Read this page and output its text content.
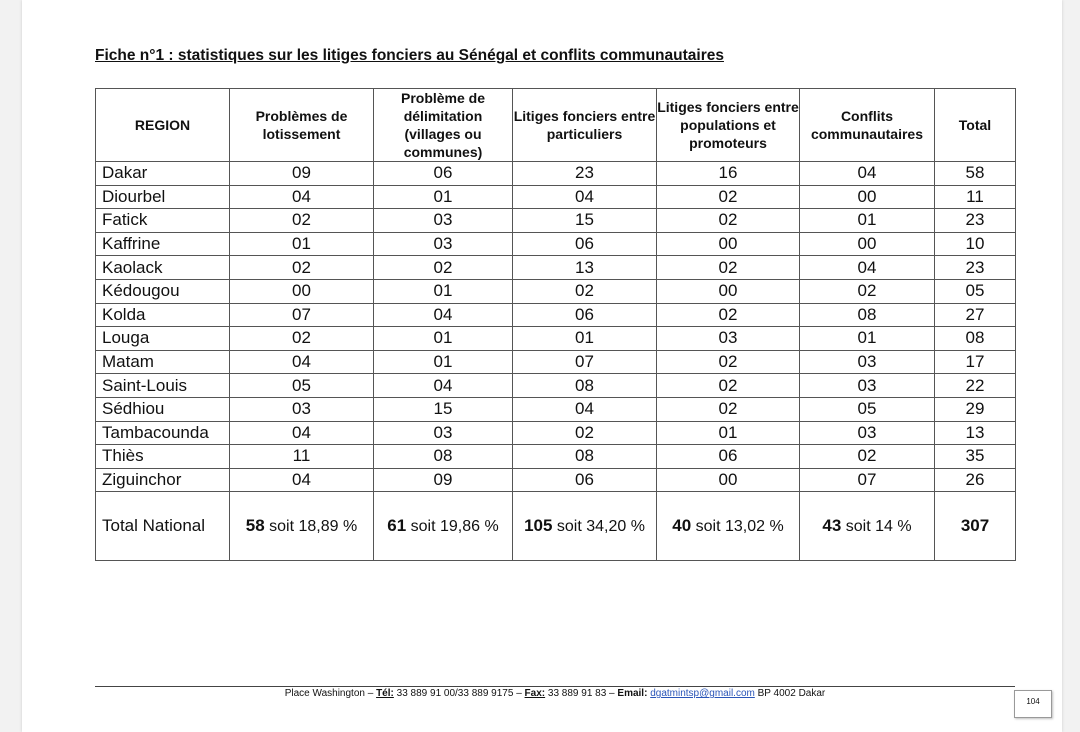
Fiche n°1 : statistiques sur les litiges fonciers au Sénégal et conflits communautaires
REGION	Problèmes de lotissement	Problème de délimitation (villages ou communes)	Litiges fonciers entre particuliers	Litiges fonciers entre populations et promoteurs	Conflits communautaires	Total
Dakar	09	06	23	16	04	58
Diourbel	04	01	04	02	00	11
Fatick	02	03	15	02	01	23
Kaffrine	01	03	06	00	00	10
Kaolack	02	02	13	02	04	23
Kédougou	00	01	02	00	02	05
Kolda	07	04	06	02	08	27
Louga	02	01	01	03	01	08
Matam	04	01	07	02	03	17
Saint-Louis	05	04	08	02	03	22
Sédhiou	03	15	04	02	05	29
Tambacounda	04	03	02	01	03	13
Thiès	11	08	08	06	02	35
Ziguinchor	04	09	06	00	07	26
Total National	58 soit 18,89 %	61 soit 19,86 %	105 soit 34,20 %	40 soit 13,02 %	43 soit 14 %	307
Place Washington – Tél: 33 889 91 00/33 889 9175 – Fax: 33 889 91 83 – Email: dgatmintsp@gmail.com BP 4002 Dakar
104
